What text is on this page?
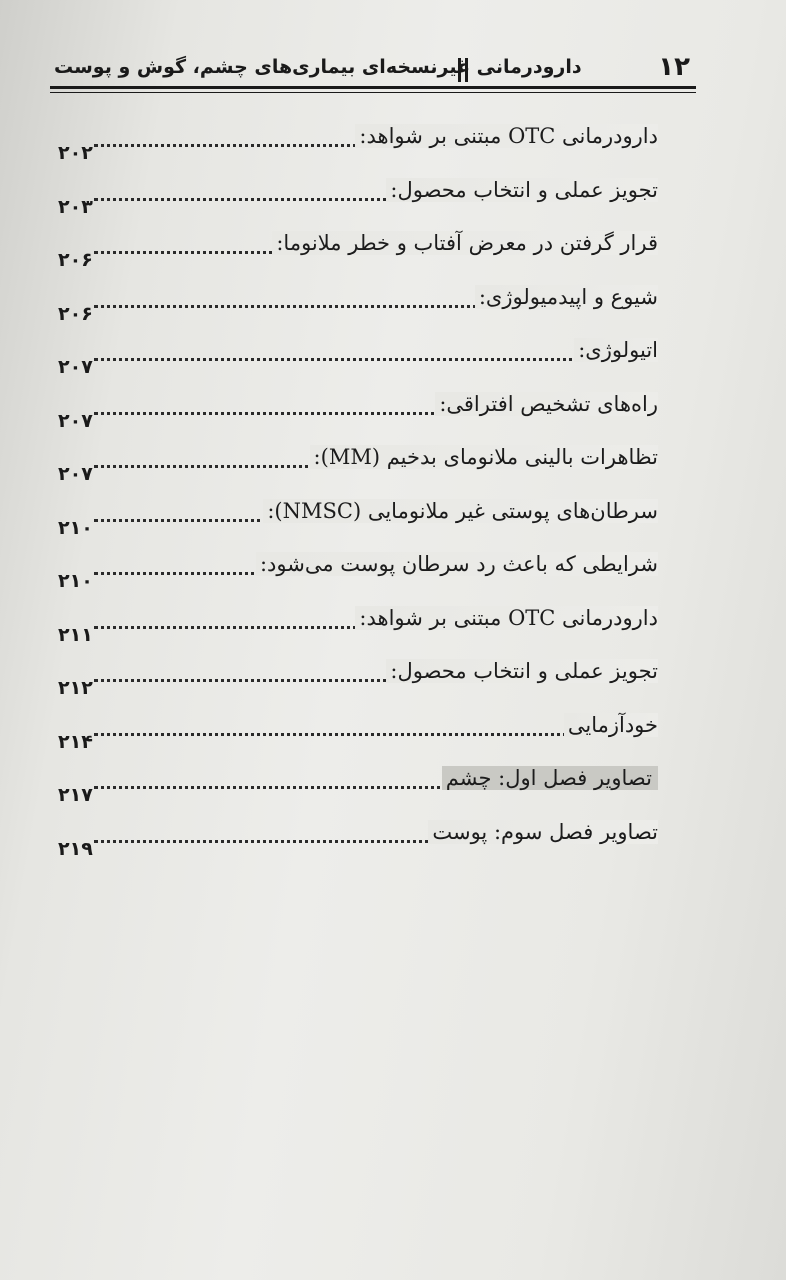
دارودرمانی غیرنسخه‌ای بیماری‌های چشم، گوش و پوست	۱۲
دارودرمانی OTC مبتنی بر شواهد:
۲۰۲
تجویز عملی و انتخاب محصول:
۲۰۳
قرار گرفتن در معرض آفتاب و خطر ملانوما:
۲۰۶
شیوع و اپیدمیولوژی:
۲۰۶
اتیولوژی:
۲۰۷
راه‌های تشخیص افتراقی:
۲۰۷
تظاهرات بالینی ملانومای بدخیم (MM):
۲۰۷
سرطان‌های پوستی غیر ملانومایی (NMSC):
۲۱۰
شرایطی که باعث رد سرطان پوست می‌شود:
۲۱۰
دارودرمانی OTC مبتنی بر شواهد:
۲۱۱
تجویز عملی و انتخاب محصول:
۲۱۲
خودآزمایی
۲۱۴
تصاویر فصل اول: چشم
۲۱۷
تصاویر فصل سوم: پوست
۲۱۹
